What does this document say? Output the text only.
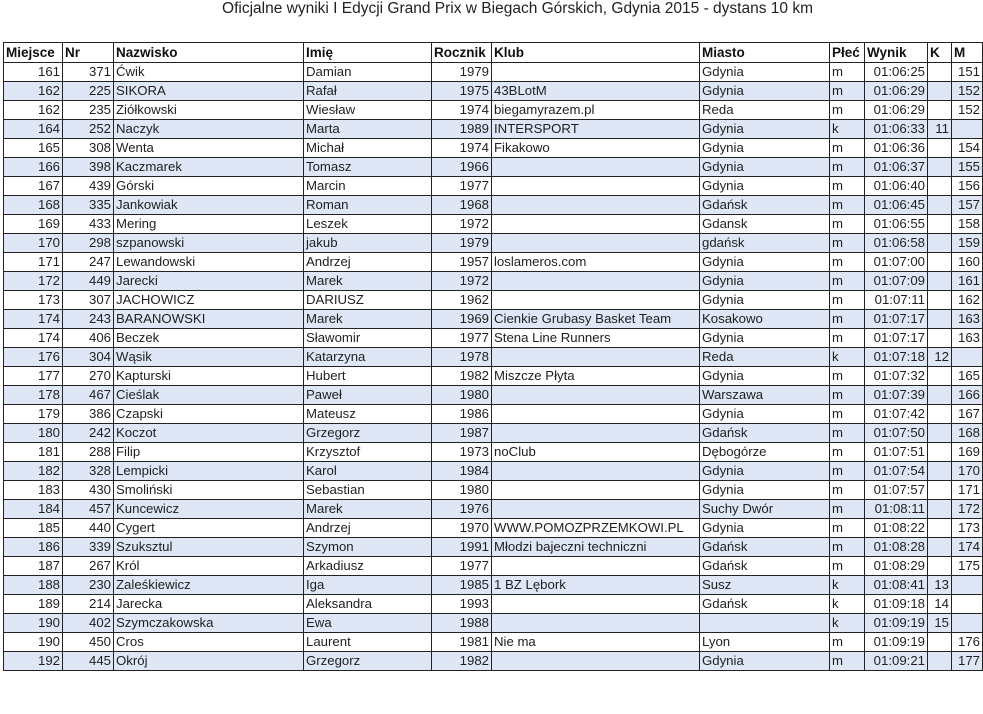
Oficjalne wyniki I Edycji Grand Prix w Biegach Górskich, Gdynia 2015 - dystans 10 km
Miejsce	Nr	Nazwisko	Imię	Rocznik	Klub	Miasto	Płeć	Wynik	K	M
161	371	Ćwik	Damian	1979		Gdynia	m	01:06:25		151
162	225	SIKORA	Rafał	1975	43BLotM	Gdynia	m	01:06:29		152
162	235	Ziółkowski	Wiesław	1974	biegamyrazem.pl	Reda	m	01:06:29		152
164	252	Naczyk	Marta	1989	INTERSPORT	Gdynia	k	01:06:33	11	
165	308	Wenta	Michał	1974	Fikakowo	Gdynia	m	01:06:36		154
166	398	Kaczmarek	Tomasz	1966		Gdynia	m	01:06:37		155
167	439	Górski	Marcin	1977		Gdynia	m	01:06:40		156
168	335	Jankowiak	Roman	1968		Gdańsk	m	01:06:45		157
169	433	Mering	Leszek	1972		Gdansk	m	01:06:55		158
170	298	szpanowski	jakub	1979		gdańsk	m	01:06:58		159
171	247	Lewandowski	Andrzej	1957	loslameros.com	Gdynia	m	01:07:00		160
172	449	Jarecki	Marek	1972		Gdynia	m	01:07:09		161
173	307	JACHOWICZ	DARIUSZ	1962		Gdynia	m	01:07:11		162
174	243	BARANOWSKI	Marek	1969	Cienkie Grubasy Basket Team	Kosakowo	m	01:07:17		163
174	406	Beczek	Sławomir	1977	Stena Line Runners	Gdynia	m	01:07:17		163
176	304	Wąsik	Katarzyna	1978		Reda	k	01:07:18	12	
177	270	Kapturski	Hubert	1982	Miszcze Płyta	Gdynia	m	01:07:32		165
178	467	Cieślak	Paweł	1980		Warszawa	m	01:07:39		166
179	386	Czapski	Mateusz	1986		Gdynia	m	01:07:42		167
180	242	Koczot	Grzegorz	1987		Gdańsk	m	01:07:50		168
181	288	Filip	Krzysztof	1973	noClub	Dębogórze	m	01:07:51		169
182	328	Lempicki	Karol	1984		Gdynia	m	01:07:54		170
183	430	Smoliński	Sebastian	1980		Gdynia	m	01:07:57		171
184	457	Kuncewicz	Marek	1976		Suchy Dwór	m	01:08:11		172
185	440	Cygert	Andrzej	1970	WWW.POMOZPRZEMKOWI.PL	Gdynia	m	01:08:22		173
186	339	Szuksztul	Szymon	1991	Młodzi bajeczni techniczni	Gdańsk	m	01:08:28		174
187	267	Król	Arkadiusz	1977		Gdańsk	m	01:08:29		175
188	230	Zaleśkiewicz	Iga	1985	1 BZ Lębork	Susz	k	01:08:41	13	
189	214	Jarecka	Aleksandra	1993		Gdańsk	k	01:09:18	14	
190	402	Szymczakowska	Ewa	1988			k	01:09:19	15	
190	450	Cros	Laurent	1981	Nie ma	Lyon	m	01:09:19		176
192	445	Okrój	Grzegorz	1982		Gdynia	m	01:09:21		177
